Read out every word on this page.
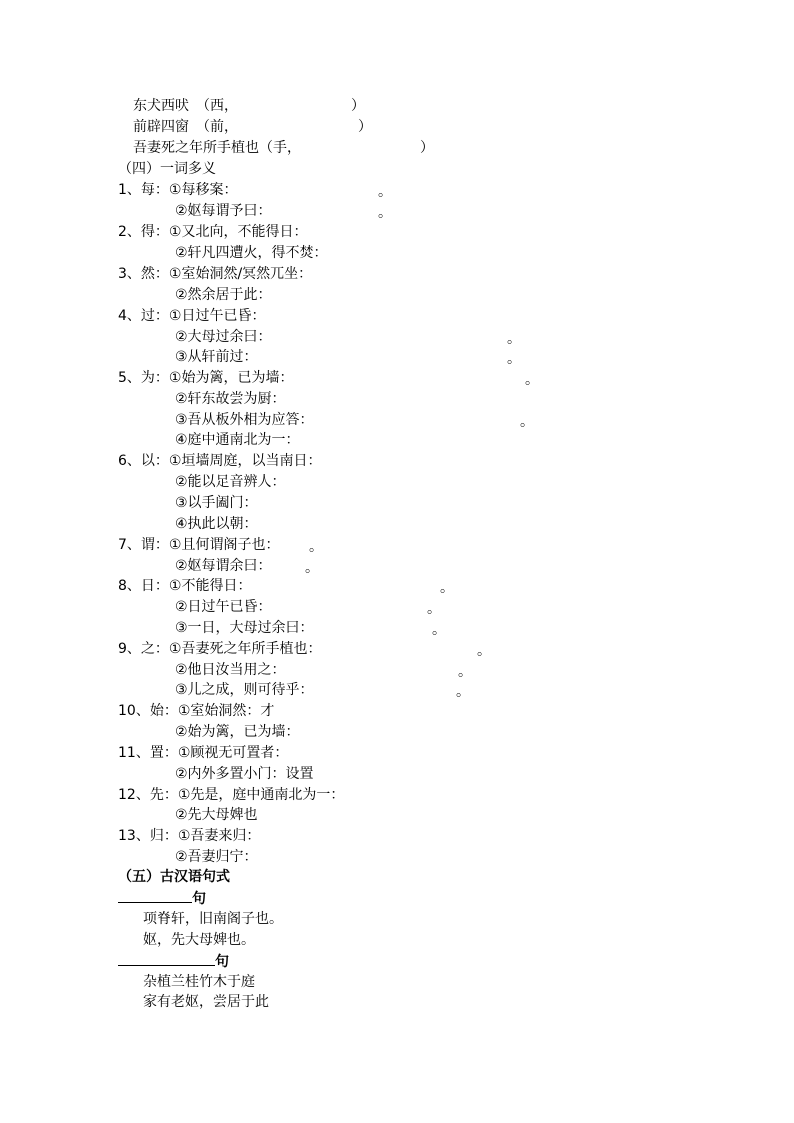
东犬西吠　（西，	）
前辟四窗　（前，	）
吾妻死之年所手植也（手，	）
（四）一词多义
1、每：①每移案：	。
②妪每谓予曰：	。
2、得：①又北向，不能得日：
②轩凡四遭火，得不焚：
3、然：①室始洞然/冥然兀坐：
②然余居于此：
4、过：①日过午已昏：
②大母过余曰：	。
③从轩前过：	。
5、为：①始为篱，已为墙：	。
②轩东故尝为厨：
③吾从板外相为应答：	。
④庭中通南北为一：
6、以：①垣墙周庭，以当南日：
②能以足音辨人：
③以手阖门：
④执此以朝：
7、谓：①且何谓阁子也： 。
②妪每谓余曰： 。
8、日：①不能得日：	。
②日过午已昏：	。
③一日，大母过余曰：	。
9、之：①吾妻死之年所手植也：	。
②他日汝当用之：	。
③儿之成，则可待乎：	。
10、始：①室始洞然：才
②始为篱，已为墙：
11、置：①顾视无可置者：
②内外多置小门：设置
12、先：①先是，庭中通南北为一：
②先大母婢也
13、归：①吾妻来归：
②吾妻归宁：
（五）古汉语句式
句
项脊轩，旧南阁子也。
妪，先大母婢也。
句
杂植兰桂竹木于庭
家有老妪，尝居于此
